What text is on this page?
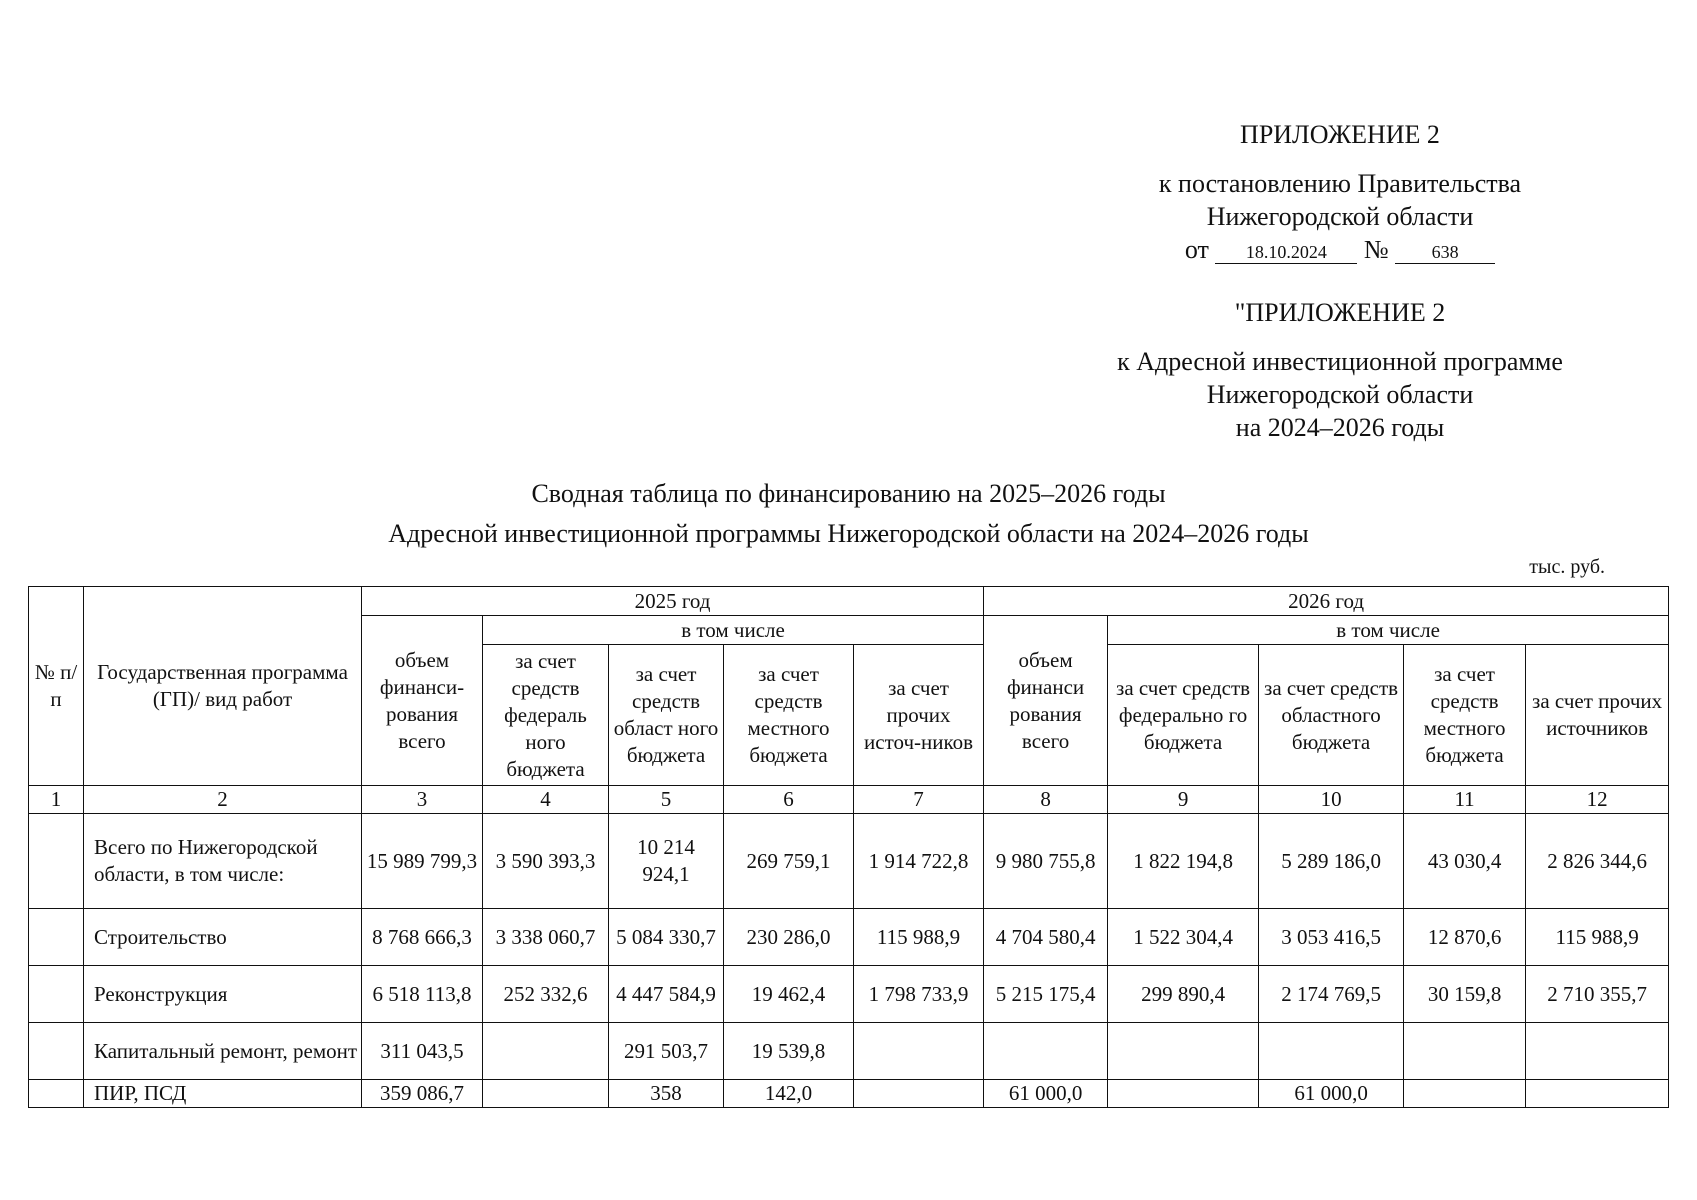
ПРИЛОЖЕНИЕ 2
к постановлению Правительства
Нижегородской области
от 18.10.2024 № 638
"ПРИЛОЖЕНИЕ 2
к Адресной инвестиционной программе
Нижегородской области
на 2024–2026 годы
Сводная таблица по финансированию на 2025–2026 годы
Адресной инвестиционной программы Нижегородской области на 2024–2026 годы
тыс. руб.
№ п/п	Государственная программа (ГП)/ вид работ	2025 год					2026 год				
		объем финанси-рования всего	в том числе				объем финанси рования всего	в том числе			
			за счет средств федераль ного бюджета	за счет средств област ного бюджета	за счет средств местного бюджета	за счет прочих источ-ников		за счет средств федерально го бюджета	за счет средств областного бюджета	за счет средств местного бюджета	за счет прочих источников
1	2	3	4	5	6	7	8	9	10	11	12
	Всего по Нижегородской области, в том числе:	15 989 799,3	3 590 393,3	10 214 924,1	269 759,1	1 914 722,8	9 980 755,8	1 822 194,8	5 289 186,0	43 030,4	2 826 344,6
	Строительство	8 768 666,3	3 338 060,7	5 084 330,7	230 286,0	115 988,9	4 704 580,4	1 522 304,4	3 053 416,5	12 870,6	115 988,9
	Реконструкция	6 518 113,8	252 332,6	4 447 584,9	19 462,4	1 798 733,9	5 215 175,4	299 890,4	2 174 769,5	30 159,8	2 710 355,7
	Капитальный ремонт, ремонт	311 043,5		291 503,7	19 539,8						
	ПИР, ПСД	359 086,7		358	142,0		61 000,0		61 000,0		
